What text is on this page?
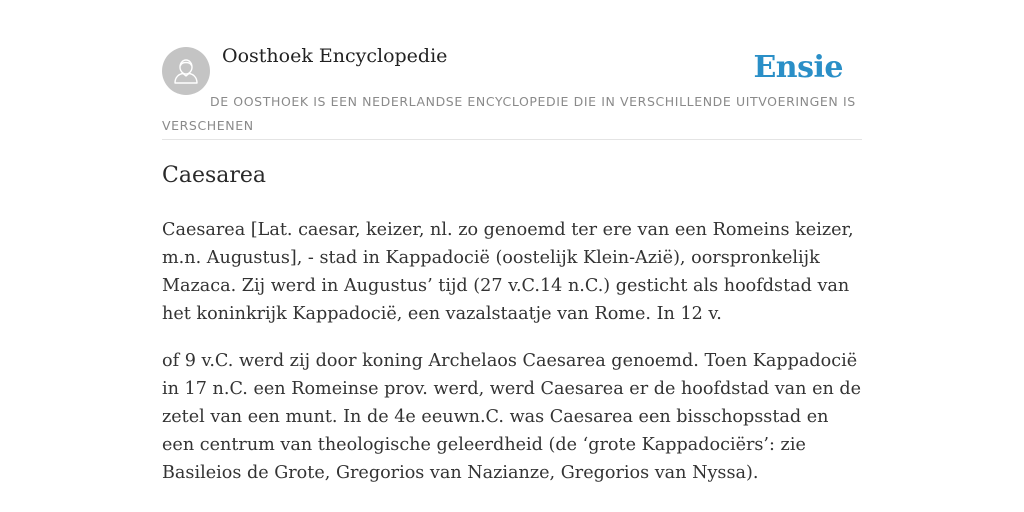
Oosthoek Encyclopedie	Ensie
DE OOSTHOEK IS EEN NEDERLANDSE ENCYCLOPEDIE DIE IN VERSCHILLENDE UITVOERINGEN IS VERSCHENEN
Caesarea

Caesarea [Lat. caesar, keizer, nl. zo genoemd ter ere van een Romeins keizer, m.n. Augustus], - stad in Kappadocië (oostelijk Klein-Azië), oorspronkelijk Mazaca. Zij werd in Augustus’ tijd (27 v.C.14 n.C.) gesticht als hoofdstad van het koninkrijk Kappadocië, een vazalstaatje van Rome. In 12 v.

of 9 v.C. werd zij door koning Archelaos Caesarea genoemd. Toen Kappadocië in 17 n.C. een Romeinse prov. werd, werd Caesarea er de hoofdstad van en de zetel van een munt. In de 4e eeuwn.C. was Caesarea een bisschopsstad en een centrum van theologische geleerdheid (de ‘grote Kappadociërs’: zie Basileios de Grote, Gregorios van Nazianze, Gregorios van Nyssa).
